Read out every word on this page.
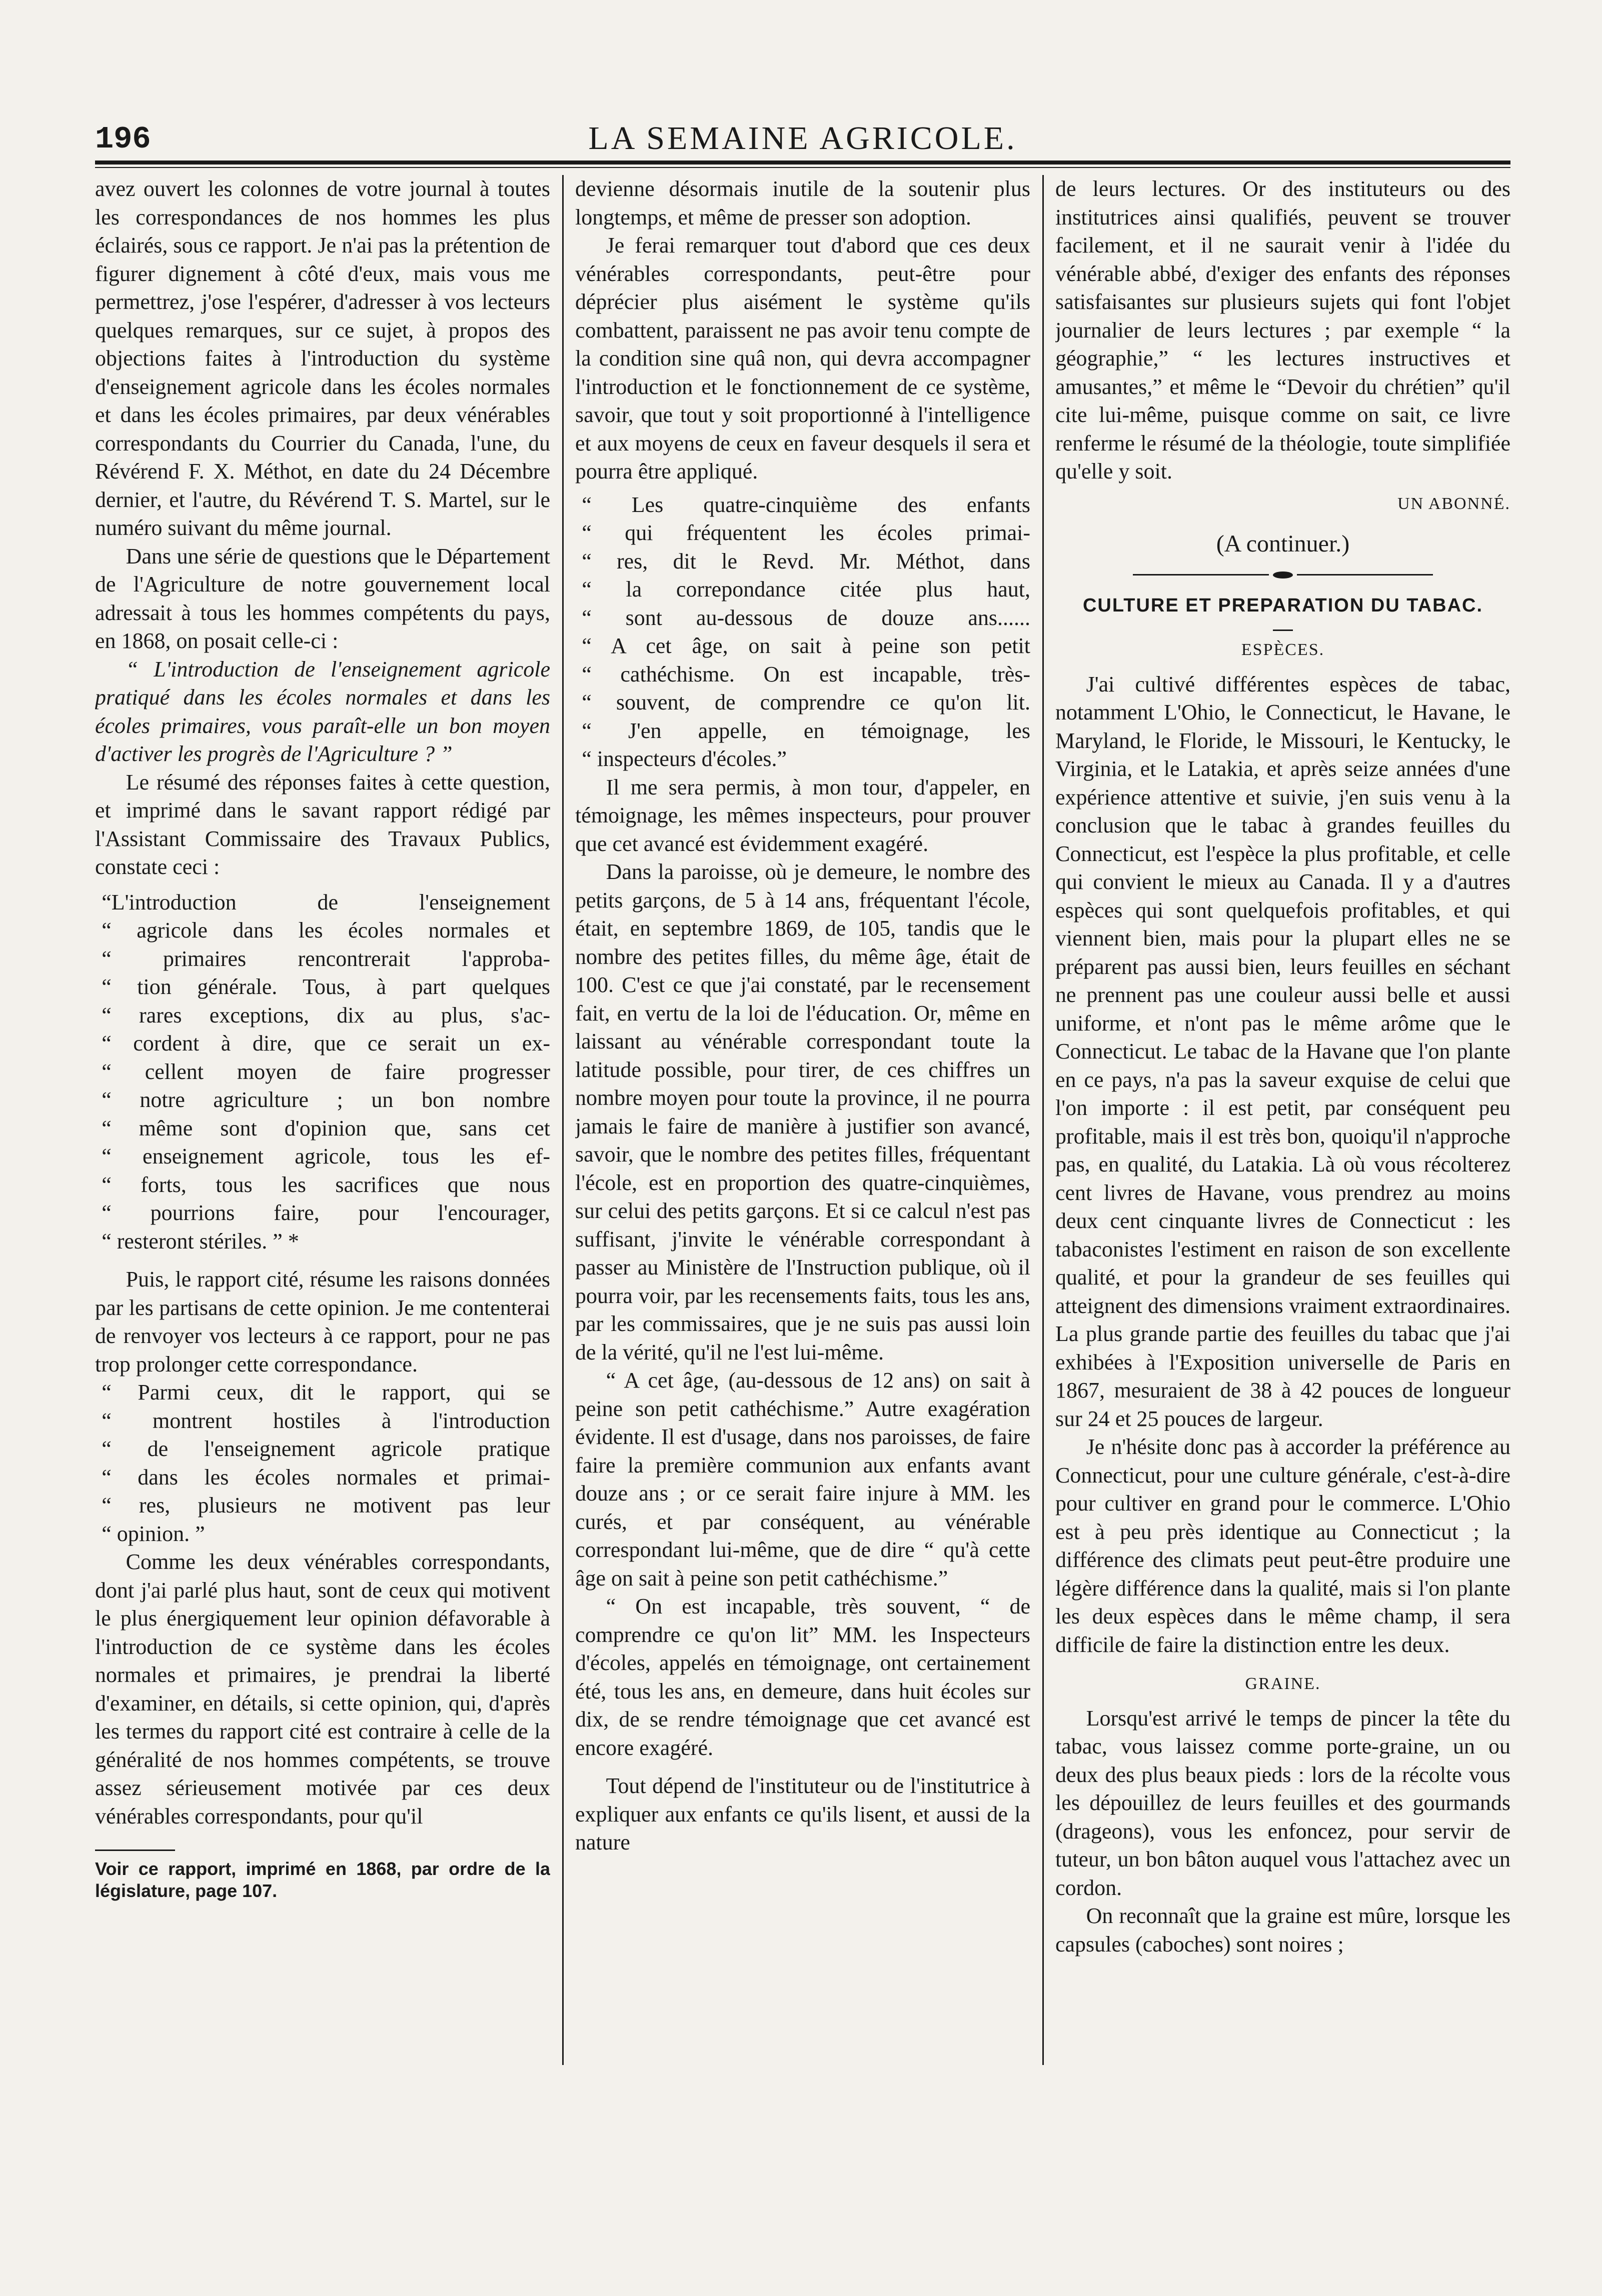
196	LA SEMAINE AGRICOLE.

avez ouvert les colonnes de votre journal à toutes les correspondances de nos hommes les plus éclairés, sous ce rapport. Je n'ai pas la prétention de figurer dignement à côté d'eux, mais vous me permettrez, j'ose l'espérer, d'adresser à vos lecteurs quelques remarques, sur ce sujet, à propos des objections faites à l'introduction du système d'enseignement agricole dans les écoles normales et dans les écoles primaires, par deux vénérables correspondants du Courrier du Canada, l'une, du Révérend F. X. Méthot, en date du 24 Décembre dernier, et l'autre, du Révérend T. S. Martel, sur le numéro suivant du même journal.

Dans une série de questions que le Département de l'Agriculture de notre gouvernement local adressait à tous les hommes compétents du pays, en 1868, on posait celle-ci :

“ L'introduction de l'enseignement agricole pratiqué dans les écoles normales et dans les écoles primaires, vous paraît-elle un bon moyen d'activer les progrès de l'Agriculture ? ”

Le résumé des réponses faites à cette question, et imprimé dans le savant rapport rédigé par l'Assistant Commissaire des Travaux Publics, constate ceci :

“L'introduction de l'enseignement
“ agricole dans les écoles normales et
“ primaires rencontrerait l'approba-
“ tion générale. Tous, à part quelques
“ rares exceptions, dix au plus, s'ac-
“ cordent à dire, que ce serait un ex-
“ cellent moyen de faire progresser
“ notre agriculture ; un bon nombre
“ même sont d'opinion que, sans cet
“ enseignement agricole, tous les ef-
“ forts, tous les sacrifices que nous
“ pourrions faire, pour l'encourager,
“ resteront stériles. ” *

Puis, le rapport cité, résume les raisons données par les partisans de cette opinion. Je me contenterai de renvoyer vos lecteurs à ce rapport, pour ne pas trop prolonger cette correspondance.

“ Parmi ceux, dit le rapport, qui se
“ montrent hostiles à l'introduction
“ de l'enseignement agricole pratique
“ dans les écoles normales et primai-
“ res, plusieurs ne motivent pas leur
“ opinion. ”

Comme les deux vénérables correspondants, dont j'ai parlé plus haut, sont de ceux qui motivent le plus énergiquement leur opinion défavorable à l'introduction de ce système dans les écoles normales et primaires, je prendrai la liberté d'examiner, en détails, si cette opinion, qui, d'après les termes du rapport cité est contraire à celle de la généralité de nos hommes compétents, se trouve assez sérieusement motivée par ces deux vénérables correspondants, pour qu'il

Voir ce rapport, imprimé en 1868, par ordre de la législature, page 107.

devienne désormais inutile de la soutenir plus longtemps, et même de presser son adoption.

Je ferai remarquer tout d'abord que ces deux vénérables correspondants, peut-être pour déprécier plus aisément le système qu'ils combattent, paraissent ne pas avoir tenu compte de la condition sine quâ non, qui devra accompagner l'introduction et le fonctionnement de ce système, savoir, que tout y soit proportionné à l'intelligence et aux moyens de ceux en faveur desquels il sera et pourra être appliqué.

“ Les quatre-cinquième des enfants
“ qui fréquentent les écoles primai-
“ res, dit le Revd. Mr. Méthot, dans
“ la correpondance citée plus haut,
“ sont au-dessous de douze ans......
“ A cet âge, on sait à peine son petit
“ cathéchisme. On est incapable, très-
“ souvent, de comprendre ce qu'on lit.
“ J'en appelle, en témoignage, les
“ inspecteurs d'écoles.”

Il me sera permis, à mon tour, d'appeler, en témoignage, les mêmes inspecteurs, pour prouver que cet avancé est évidemment exagéré.

Dans la paroisse, où je demeure, le nombre des petits garçons, de 5 à 14 ans, fréquentant l'école, était, en septembre 1869, de 105, tandis que le nombre des petites filles, du même âge, était de 100. C'est ce que j'ai constaté, par le recensement fait, en vertu de la loi de l'éducation. Or, même en laissant au vénérable correspondant toute la latitude possible, pour tirer, de ces chiffres un nombre moyen pour toute la province, il ne pourra jamais le faire de manière à justifier son avancé, savoir, que le nombre des petites filles, fréquentant l'école, est en proportion des quatre-cinquièmes, sur celui des petits garçons. Et si ce calcul n'est pas suffisant, j'invite le vénérable correspondant à passer au Ministère de l'Instruction publique, où il pourra voir, par les recensements faits, tous les ans, par les commissaires, que je ne suis pas aussi loin de la vérité, qu'il ne l'est lui-même.

“ A cet âge, (au-dessous de 12 ans) on sait à peine son petit cathéchisme.” Autre exagération évidente. Il est d'usage, dans nos paroisses, de faire faire la première communion aux enfants avant douze ans ; or ce serait faire injure à MM. les curés, et par conséquent, au vénérable correspondant lui-même, que de dire “ qu'à cette âge on sait à peine son petit cathéchisme.”

“ On est incapable, très souvent, “ de comprendre ce qu'on lit” MM. les Inspecteurs d'écoles, appelés en témoignage, ont certainement été, tous les ans, en demeure, dans huit écoles sur dix, de se rendre témoignage que cet avancé est encore exagéré.

Tout dépend de l'instituteur ou de l'institutrice à expliquer aux enfants ce qu'ils lisent, et aussi de la nature

de leurs lectures. Or des instituteurs ou des institutrices ainsi qualifiés, peuvent se trouver facilement, et il ne saurait venir à l'idée du vénérable abbé, d'exiger des enfants des réponses satisfaisantes sur plusieurs sujets qui font l'objet journalier de leurs lectures ; par exemple “ la géographie,” “ les lectures instructives et amusantes,” et même le “Devoir du chrétien” qu'il cite lui-même, puisque comme on sait, ce livre renferme le résumé de la théologie, toute simplifiée qu'elle y soit.

UN ABONNÉ.
(A continuer.)
CULTURE ET PREPARATION DU TABAC.
ESPÈCES.

J'ai cultivé différentes espèces de tabac, notamment L'Ohio, le Connecticut, le Havane, le Maryland, le Floride, le Missouri, le Kentucky, le Virginia, et le Latakia, et après seize années d'une expérience attentive et suivie, j'en suis venu à la conclusion que le tabac à grandes feuilles du Connecticut, est l'espèce la plus profitable, et celle qui convient le mieux au Canada. Il y a d'autres espèces qui sont quelquefois profitables, et qui viennent bien, mais pour la plupart elles ne se préparent pas aussi bien, leurs feuilles en séchant ne prennent pas une couleur aussi belle et aussi uniforme, et n'ont pas le même arôme que le Connecticut. Le tabac de la Havane que l'on plante en ce pays, n'a pas la saveur exquise de celui que l'on importe : il est petit, par conséquent peu profitable, mais il est très bon, quoiqu'il n'approche pas, en qualité, du Latakia. Là où vous récolterez cent livres de Havane, vous prendrez au moins deux cent cinquante livres de Connecticut : les tabaconistes l'estiment en raison de son excellente qualité, et pour la grandeur de ses feuilles qui atteignent des dimensions vraiment extraordinaires. La plus grande partie des feuilles du tabac que j'ai exhibées à l'Exposition universelle de Paris en 1867, mesuraient de 38 à 42 pouces de longueur sur 24 et 25 pouces de largeur.

Je n'hésite donc pas à accorder la préférence au Connecticut, pour une culture générale, c'est-à-dire pour cultiver en grand pour le commerce. L'Ohio est à peu près identique au Connecticut ; la différence des climats peut peut-être produire une légère différence dans la qualité, mais si l'on plante les deux espèces dans le même champ, il sera difficile de faire la distinction entre les deux.

GRAINE.

Lorsqu'est arrivé le temps de pincer la tête du tabac, vous laissez comme porte-graine, un ou deux des plus beaux pieds : lors de la récolte vous les dépouillez de leurs feuilles et des gourmands (drageons), vous les enfoncez, pour servir de tuteur, un bon bâton auquel vous l'attachez avec un cordon.

On reconnaît que la graine est mûre, lorsque les capsules (caboches) sont noires ;
